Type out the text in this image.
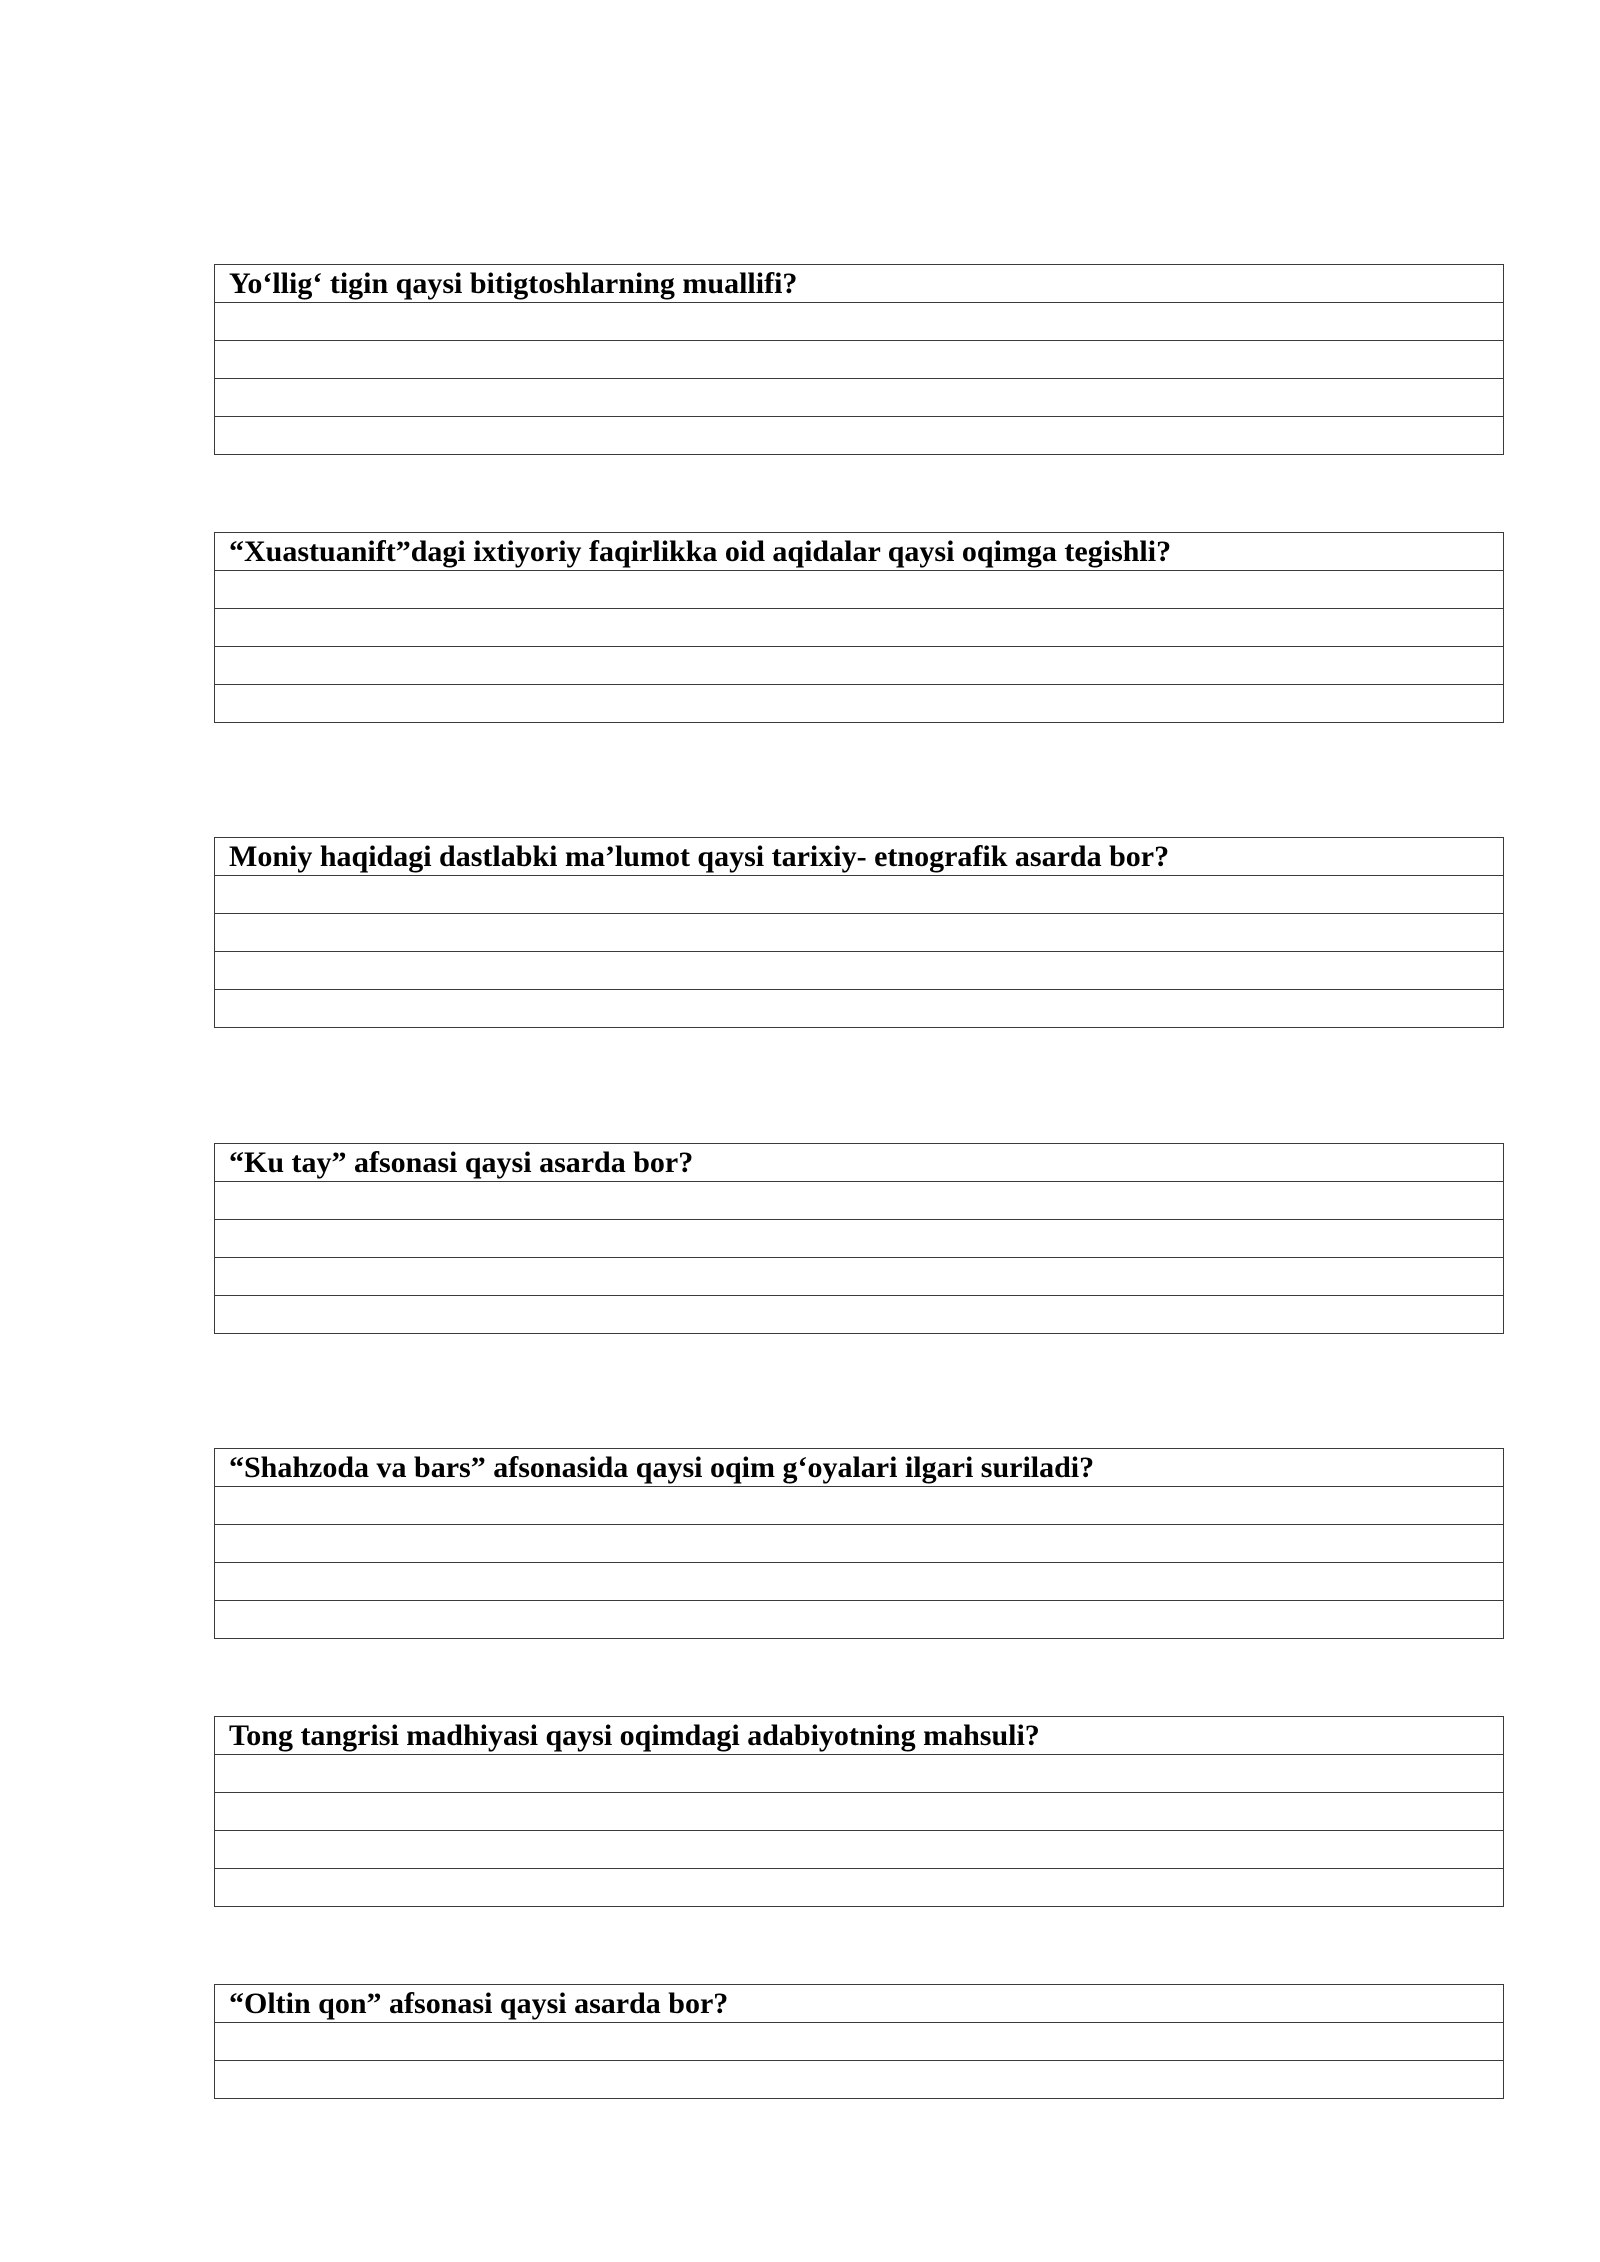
Yo‘llig‘ tigin qaysi bitigtoshlarning muallifi?

“Xuastuanift”dagi ixtiyoriy faqirlikka oid aqidalar qaysi oqimga tegishli?

Moniy haqidagi dastlabki ma’lumot qaysi tarixiy- etnografik asarda bor?

“Ku tay” afsonasi qaysi asarda bor?

“Shahzoda va bars” afsonasida qaysi oqim g‘oyalari ilgari suriladi?

Tong tangrisi madhiyasi qaysi oqimdagi adabiyotning mahsuli?

“Oltin qon” afsonasi qaysi asarda bor?
